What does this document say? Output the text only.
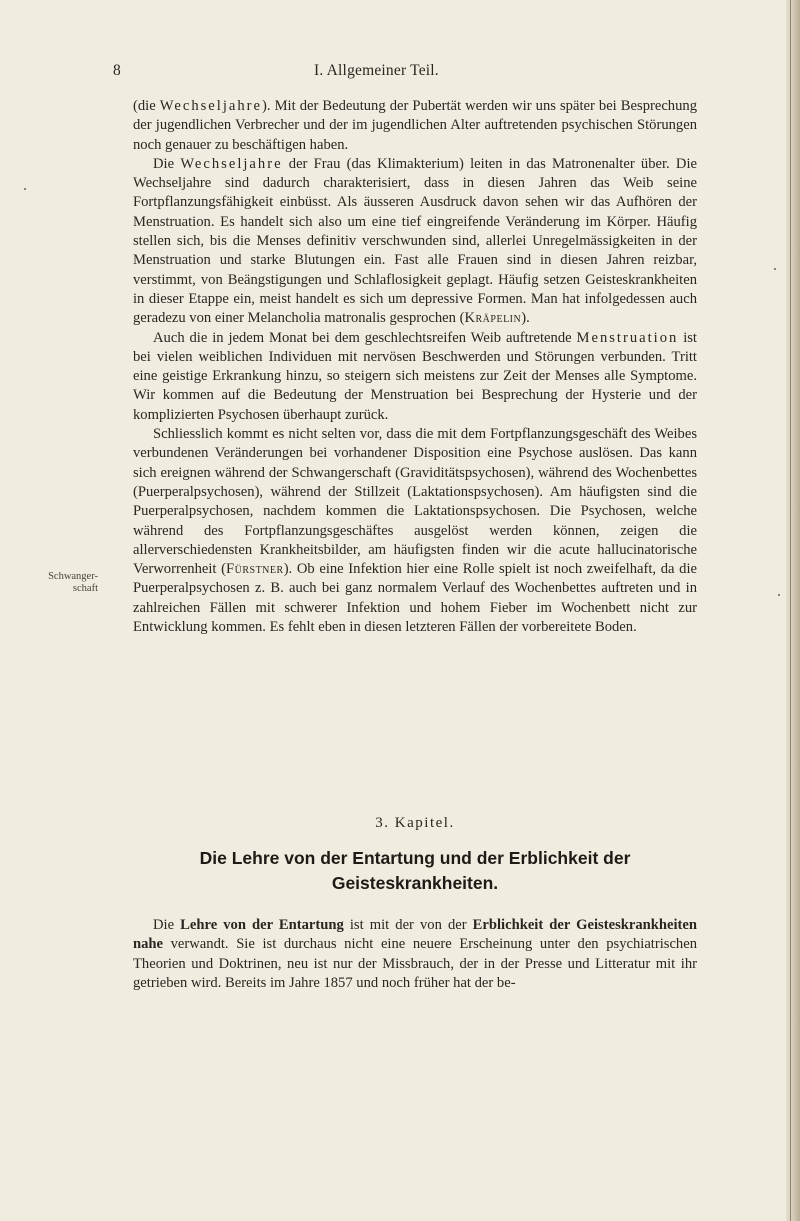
8	I. Allgemeiner Teil.
Schwanger-schaft

(die Wechseljahre). Mit der Bedeutung der Pubertät werden wir uns später bei Besprechung der jugendlichen Verbrecher und der im jugendlichen Alter auftretenden psychischen Störungen noch genauer zu beschäftigen haben.

Die Wechseljahre der Frau (das Klimakterium) leiten in das Matronenalter über. Die Wechseljahre sind dadurch charakterisiert, dass in diesen Jahren das Weib seine Fortpflanzungsfähigkeit einbüsst. Als äusseren Ausdruck davon sehen wir das Aufhören der Menstruation. Es handelt sich also um eine tief eingreifende Veränderung im Körper. Häufig stellen sich, bis die Menses definitiv verschwunden sind, allerlei Unregelmässigkeiten in der Menstruation und starke Blutungen ein. Fast alle Frauen sind in diesen Jahren reizbar, verstimmt, von Beängstigungen und Schlaflosigkeit geplagt. Häufig setzen Geisteskrankheiten in dieser Etappe ein, meist handelt es sich um depressive Formen. Man hat infolgedessen auch geradezu von einer Melancholia matronalis gesprochen (Kräpelin).

Auch die in jedem Monat bei dem geschlechtsreifen Weib auftretende Menstruation ist bei vielen weiblichen Individuen mit nervösen Beschwerden und Störungen verbunden. Tritt eine geistige Erkrankung hinzu, so steigern sich meistens zur Zeit der Menses alle Symptome. Wir kommen auf die Bedeutung der Menstruation bei Besprechung der Hysterie und der komplizierten Psychosen überhaupt zurück.

Schliesslich kommt es nicht selten vor, dass die mit dem Fortpflanzungsgeschäft des Weibes verbundenen Veränderungen bei vorhandener Disposition eine Psychose auslösen. Das kann sich ereignen während der Schwangerschaft (Graviditätspsychosen), während des Wochenbettes (Puerperalpsychosen), während der Stillzeit (Laktationspsychosen). Am häufigsten sind die Puerperalpsychosen, nachdem kommen die Laktationspsychosen. Die Psychosen, welche während des Fortpflanzungsgeschäftes ausgelöst werden können, zeigen die allerverschiedensten Krankheitsbilder, am häufigsten finden wir die acute hallucinatorische Verworrenheit (Fürstner). Ob eine Infektion hier eine Rolle spielt ist noch zweifelhaft, da die Puerperalpsychosen z. B. auch bei ganz normalem Verlauf des Wochenbettes auftreten und in zahlreichen Fällen mit schwerer Infektion und hohem Fieber im Wochenbett nicht zur Entwicklung kommen. Es fehlt eben in diesen letzteren Fällen der vorbereitete Boden.

3. Kapitel.
Die Lehre von der Entartung und der Erblichkeit der
Geisteskrankheiten.

Die Lehre von der Entartung ist mit der von der Erblichkeit der Geisteskrankheiten nahe verwandt. Sie ist durchaus nicht eine neuere Erscheinung unter den psychiatrischen Theorien und Doktrinen, neu ist nur der Missbrauch, der in der Presse und Litteratur mit ihr getrieben wird. Bereits im Jahre 1857 und noch früher hat der be-
